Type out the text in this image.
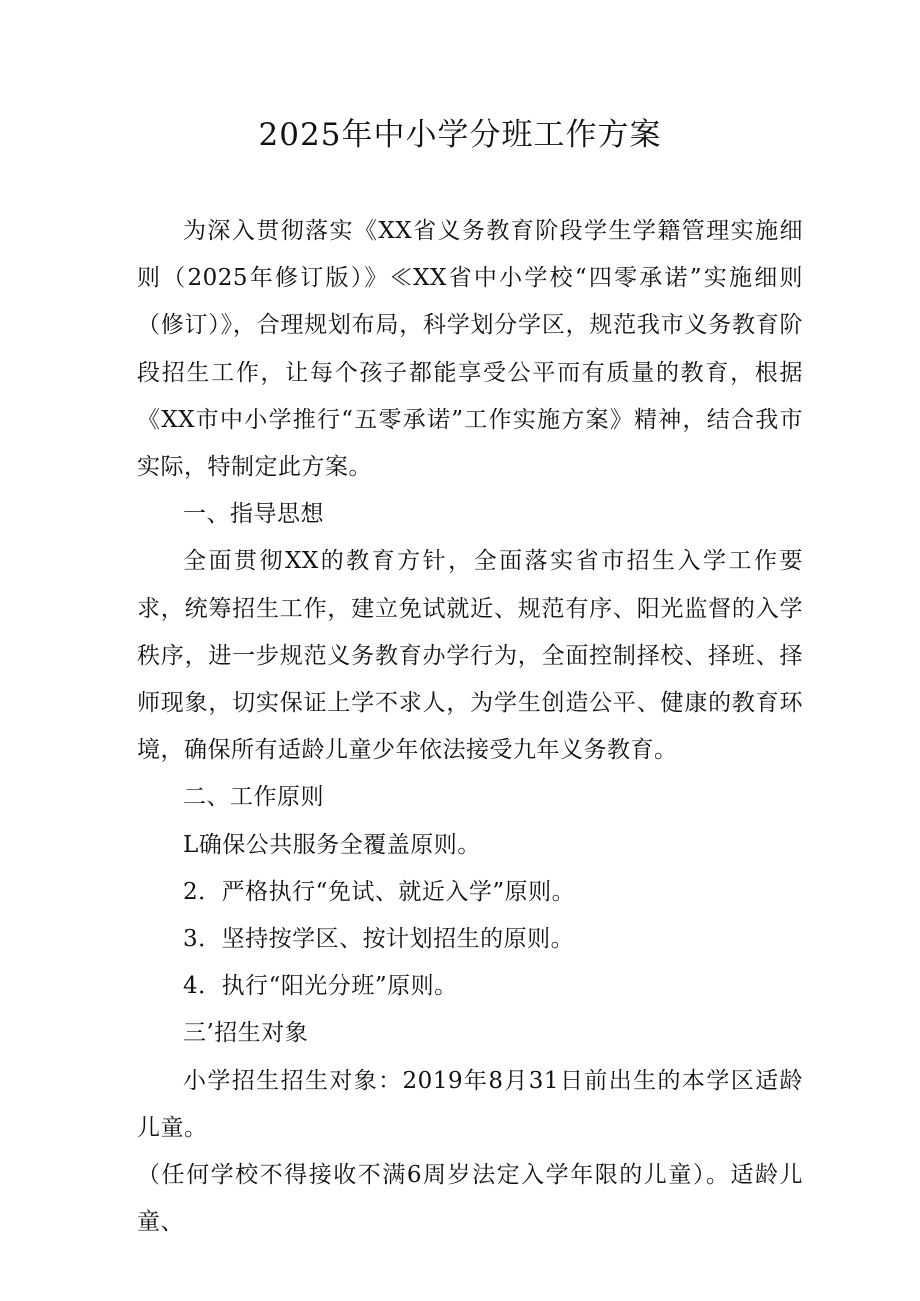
2025年中小学分班工作方案

为深入贯彻落实《XX省义务教育阶段学生学籍管理实施细则（2025年修订版）》≪XX省中小学校“四零承诺”实施细则（修订）》，合理规划布局，科学划分学区，规范我市义务教育阶段招生工作，让每个孩子都能享受公平而有质量的教育，根据《XX市中小学推行“五零承诺”工作实施方案》精神，结合我市实际，特制定此方案。

一、指导思想

全面贯彻XX的教育方针，全面落实省市招生入学工作要求，统筹招生工作，建立免试就近、规范有序、阳光监督的入学秩序，进一步规范义务教育办学行为，全面控制择校、择班、择师现象，切实保证上学不求人，为学生创造公平、健康的教育环境，确保所有适龄儿童少年依法接受九年义务教育。

二、工作原则

L确保公共服务全覆盖原则。

2．严格执行“免试、就近入学”原则。

3．坚持按学区、按计划招生的原则。

4．执行“阳光分班”原则。

三’招生对象

小学招生招生对象：2019年8月31日前出生的本学区适龄儿童。

（任何学校不得接收不满6周岁法定入学年限的儿童）。适龄儿童、
